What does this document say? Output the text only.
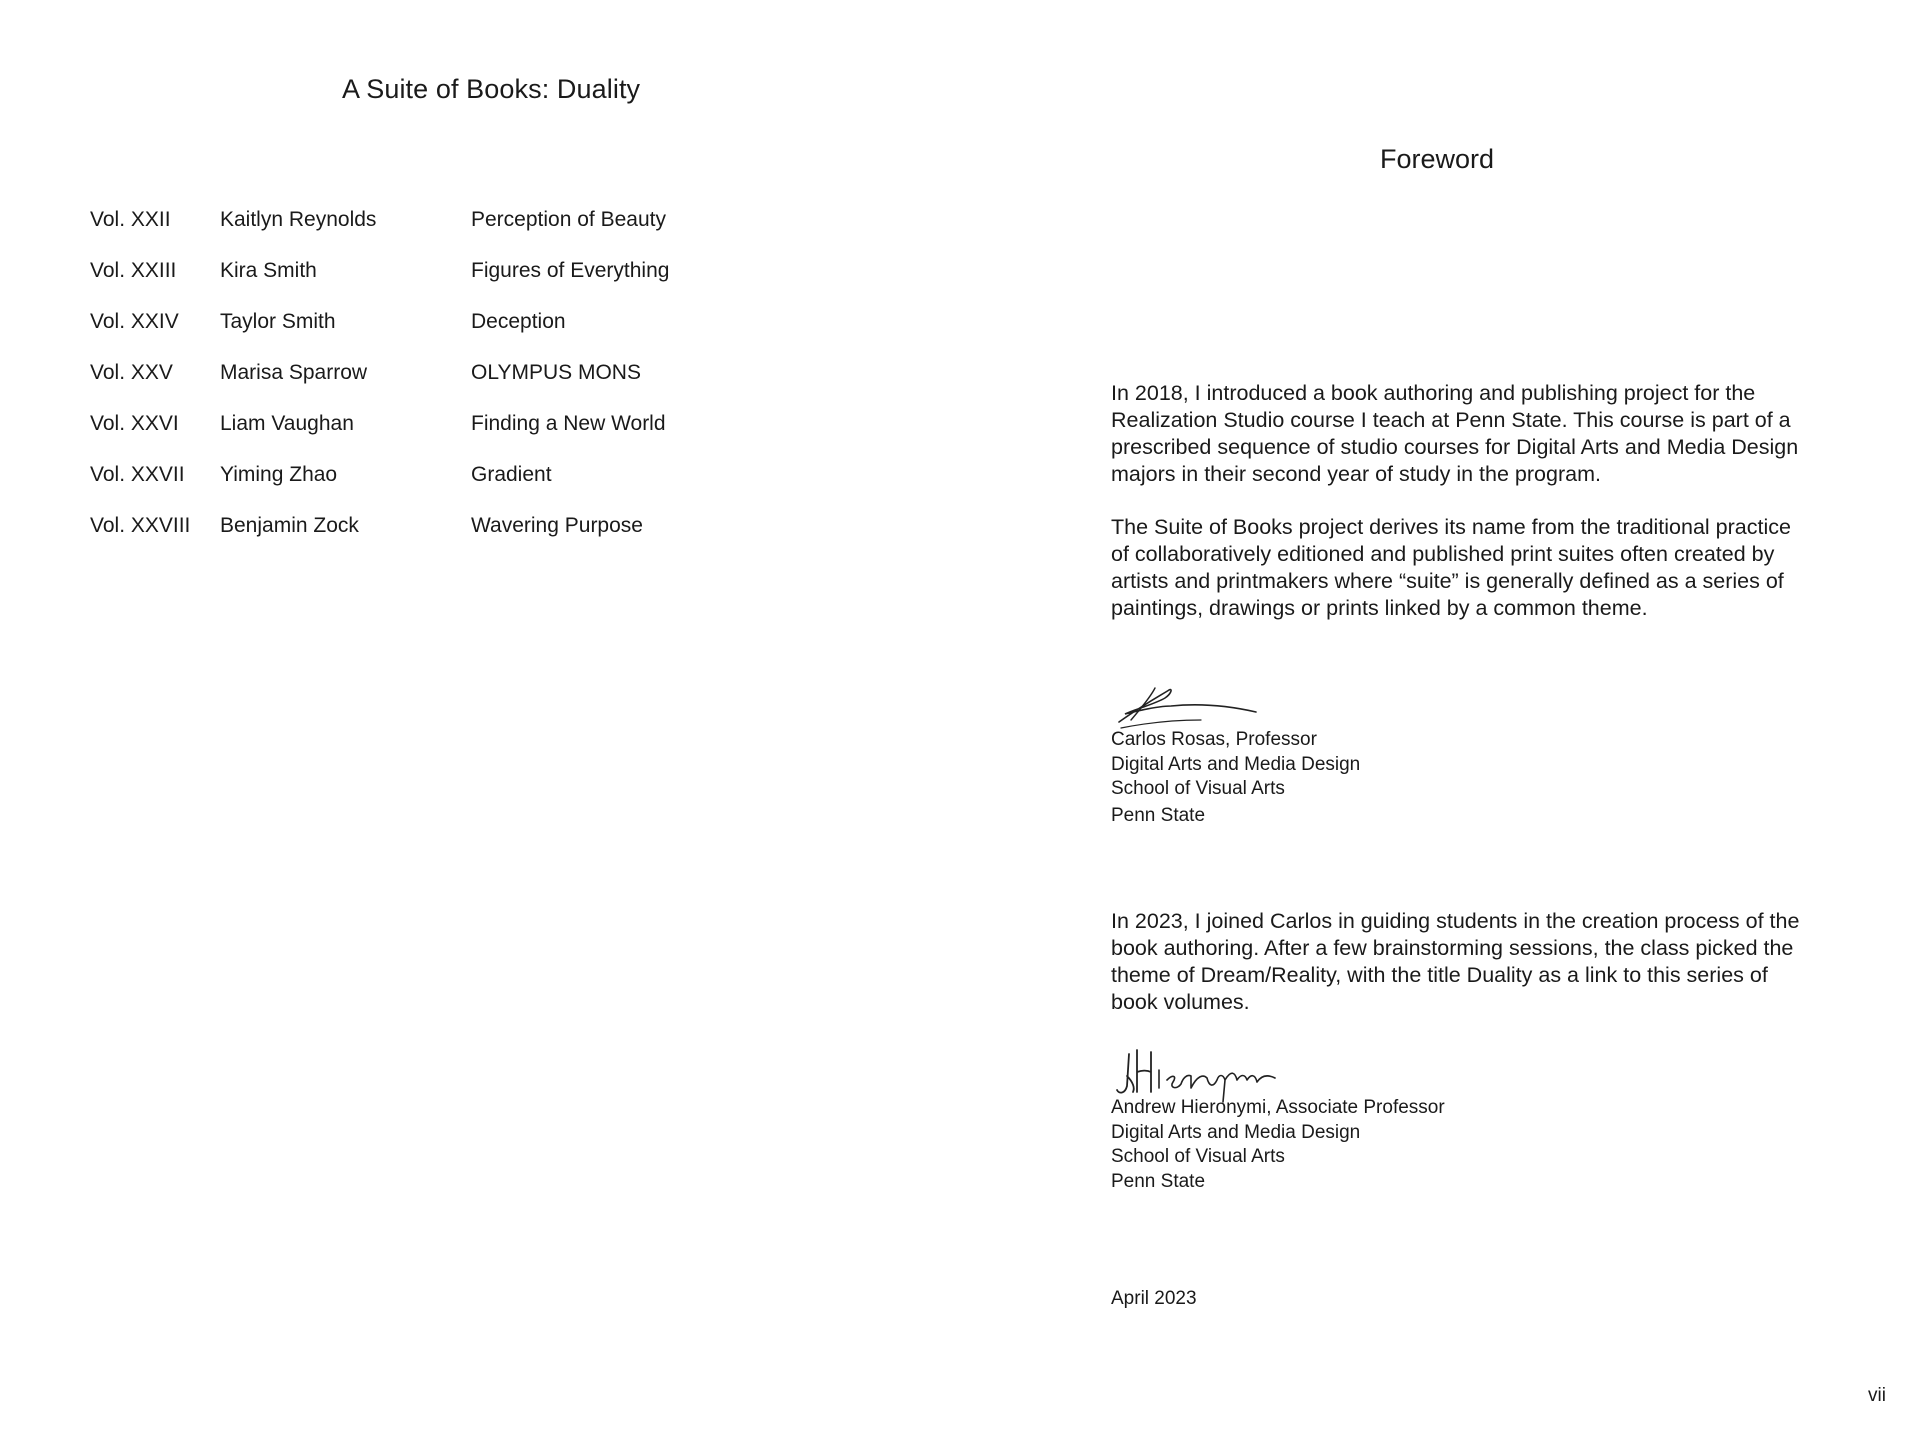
A Suite of Books: Duality
Vol. XXII Kaitlyn Reynolds	Perception of Beauty
Vol. XXIII Kira Smith	Figures of Everything
Vol. XXIV Taylor Smith	Deception
Vol. XXV Marisa Sparrow	OLYMPUS MONS
Vol. XXVI Liam Vaughan	Finding a New World
Vol. XXVII Yiming Zhao	Gradient
Vol. XXVIII Benjamin Zock	Wavering Purpose
Foreword

In 2018, I introduced a book authoring and publishing project for the Realization Studio course I teach at Penn State. This course is part of a prescribed sequence of studio courses for Digital Arts and Media Design majors in their second year of study in the program.

The Suite of Books project derives its name from the traditional practice of collaboratively editioned and published print suites often created by artists and printmakers where “suite” is generally defined as a series of paintings, drawings or prints linked by a common theme.

Carlos Rosas, Professor
Digital Arts and Media Design
School of Visual Arts
Penn State

In 2023, I joined Carlos in guiding students in the creation process of the book authoring. After a few brainstorming sessions, the class picked the theme of Dream/Reality, with the title Duality as a link to this series of book volumes.

Andrew Hieronymi, Associate Professor
Digital Arts and Media Design
School of Visual Arts
Penn State
April 2023
vii
